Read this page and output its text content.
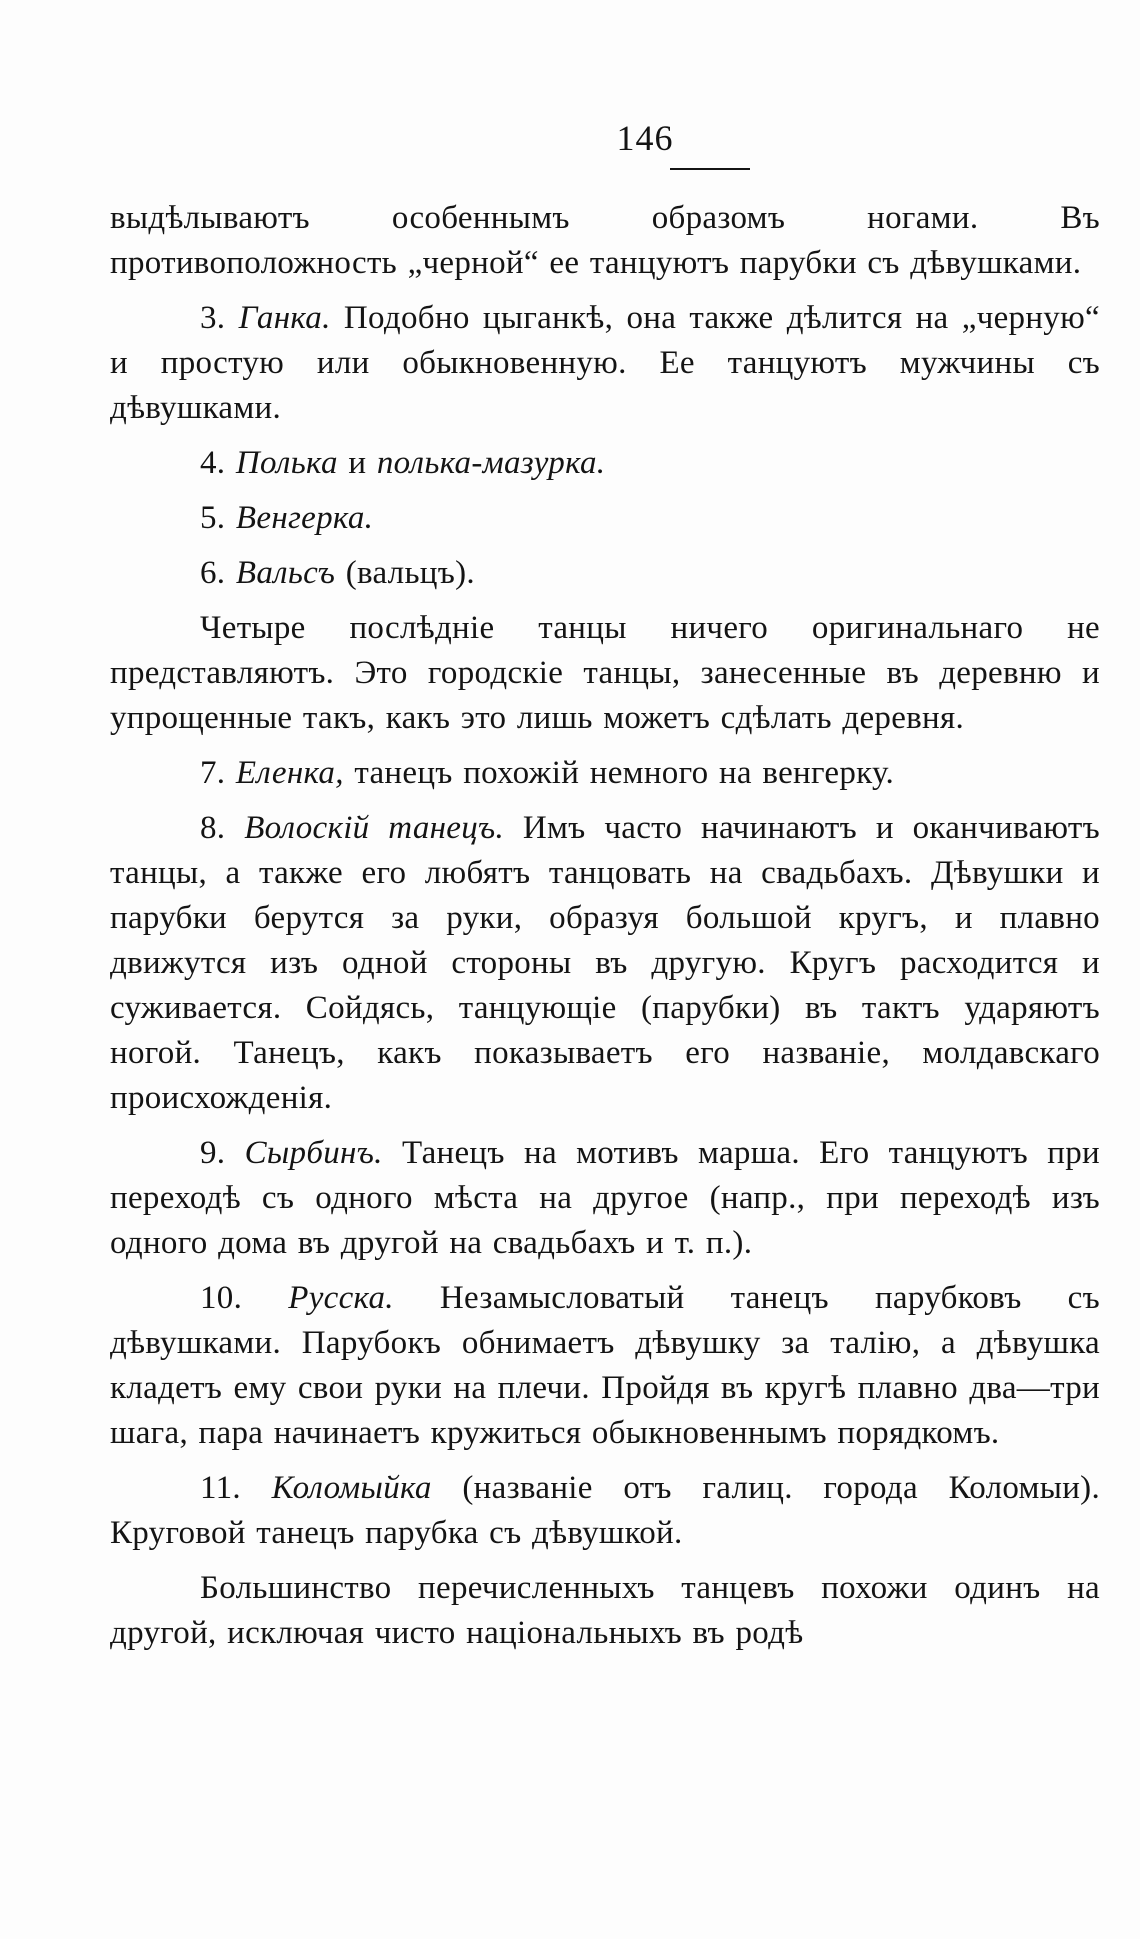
146

выдѣлываютъ особеннымъ образомъ ногами. Въ противоположность „черной“ ее танцуютъ парубки съ дѣвушками.

3. Ганка. Подобно цыганкѣ, она также дѣлится на „черную“ и простую или обыкновенную. Ее танцуютъ мужчины съ дѣвушками.

4. Полька и полька-мазурка.

5. Венгерка.

6. Вальсъ (вальцъ).

Четыре послѣдніе танцы ничего оригинальнаго не представляютъ. Это городскіе танцы, занесенные въ деревню и упрощенные такъ, какъ это лишь можетъ сдѣлать деревня.

7. Еленка, танецъ похожій немного на венгерку.

8. Волоскій танецъ. Имъ часто начинаютъ и оканчиваютъ танцы, а также его любятъ танцовать на свадьбахъ. Дѣвушки и парубки берутся за руки, образуя большой кругъ, и плавно движутся изъ одной стороны въ другую. Кругъ расходится и суживается. Сойдясь, танцующіе (парубки) въ тактъ ударяютъ ногой. Танецъ, какъ показываетъ его названіе, молдавскаго происхожденія.

9. Сырбинъ. Танецъ на мотивъ марша. Его танцуютъ при переходѣ съ одного мѣста на другое (напр., при переходѣ изъ одного дома въ другой на свадьбахъ и т. п.).

10. Русска. Незамысловатый танецъ парубковъ съ дѣвушками. Парубокъ обнимаетъ дѣвушку за талію, а дѣвушка кладетъ ему свои руки на плечи. Пройдя въ кругѣ плавно два—три шага, пара начинаетъ кружиться обыкновеннымъ порядкомъ.

11. Коломыйка (названіе отъ галиц. города Коломыи). Круговой танецъ парубка съ дѣвушкой.

Большинство перечисленныхъ танцевъ похожи одинъ на другой, исключая чисто національныхъ въ родѣ
